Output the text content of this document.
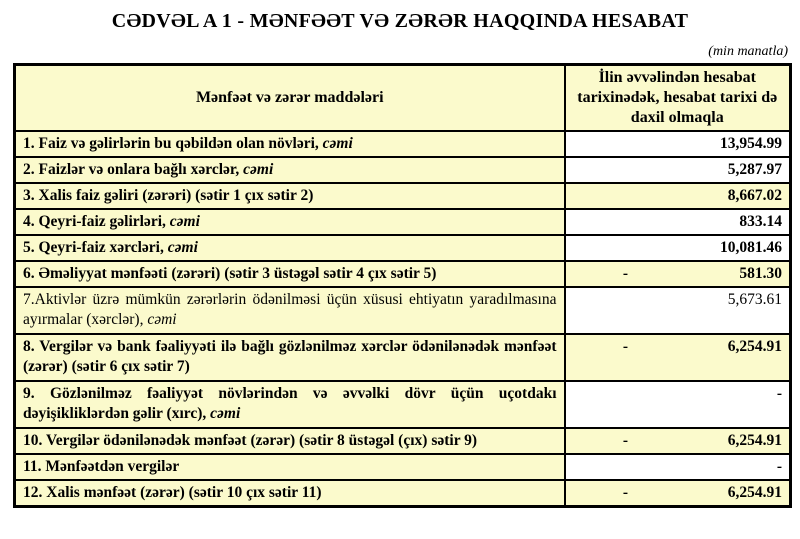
CƏDVƏL A 1 - MƏNFƏƏT VƏ ZƏRƏR HAQQINDA HESABAT
(min manatla)
Mənfəət və zərər maddələri	İlin əvvəlindən hesabat tarixinədək, hesabat tarixi də daxil olmaqla
1. Faiz və gəlirlərin bu qəbildən olan növləri, cəmi	13,954.99
2. Faizlər və onlara bağlı xərclər, cəmi	5,287.97
3. Xalis faiz gəliri (zərəri) (sətir 1 çıx sətir 2)	8,667.02
4. Qeyri-faiz gəlirləri, cəmi	833.14
5. Qeyri-faiz xərcləri, cəmi	10,081.46
6. Əməliyyat mənfəəti (zərəri) (sətir 3 üstəgəl sətir 4 çıx sətir 5)	- 581.30
7.Aktivlər üzrə mümkün zərərlərin ödənilməsi üçün xüsusi ehtiyatın yaradılmasına ayırmalar (xərclər), cəmi	5,673.61
8. Vergilər və bank fəaliyyəti ilə bağlı gözlənilməz xərclər ödənilənədək mənfəət (zərər) (sətir 6 çıx sətir 7)	- 6,254.91
9. Gözlənilməz fəaliyyət növlərindən və əvvəlki dövr üçün uçotdakı dəyişikliklərdən gəlir (xırc), cəmi	-
10. Vergilər ödənilənədək mənfəət (zərər) (sətir 8 üstəgəl (çıx) sətir 9)	- 6,254.91
11. Mənfəətdən vergilər	-
12. Xalis mənfəət (zərər) (sətir 10 çıx sətir 11)	- 6,254.91
